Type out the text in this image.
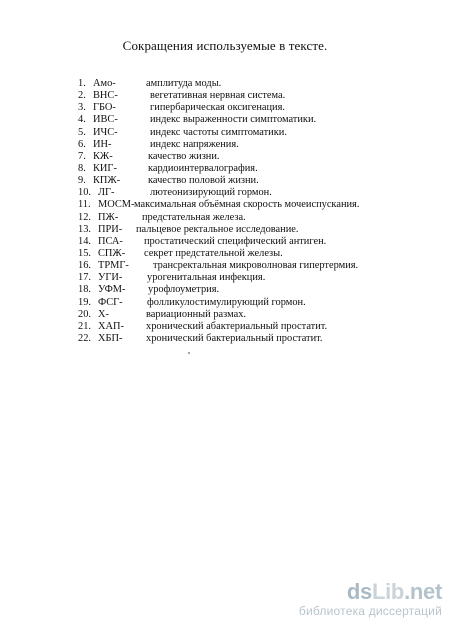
Сокращения используемые в тексте.
1. Амо-	амплитуда моды.
2. ВНС-	вегетативная нервная система.
3. ГБО-	гипербарическая оксигенация.
4. ИВС-	индекс выраженности симптоматики.
5. ИЧС-	индекс частоты симптоматики.
6. ИН-	индекс напряжения.
7. КЖ-	качество жизни.
8. КИГ-	кардиоинтервалография.
9. КПЖ-	качество половой жизни.
10. ЛГ-	лютеонизирующий гормон.
11. МОСМ- максимальная объёмная скорость мочеиспускания.
12. ПЖ- предстательная железа.
13. ПРИ- пальцевое ректальное исследование.
14. ПСА- простатический специфический антиген.
15. СПЖ- секрет предстательной железы.
16. ТРМГ- трансректальная микроволновая гипертермия.
17. УГИ- урогенитальная инфекция.
18. УФМ- урофлоуметрия.
19. ФСГ- фолликулостимулирующий гормон.
20. Х-	вариационный размах.
21. ХАП- хронический абактериальный простатит.
22. ХБП- хронический бактериальный простатит.
dsLib.net
библиотека диссертаций
